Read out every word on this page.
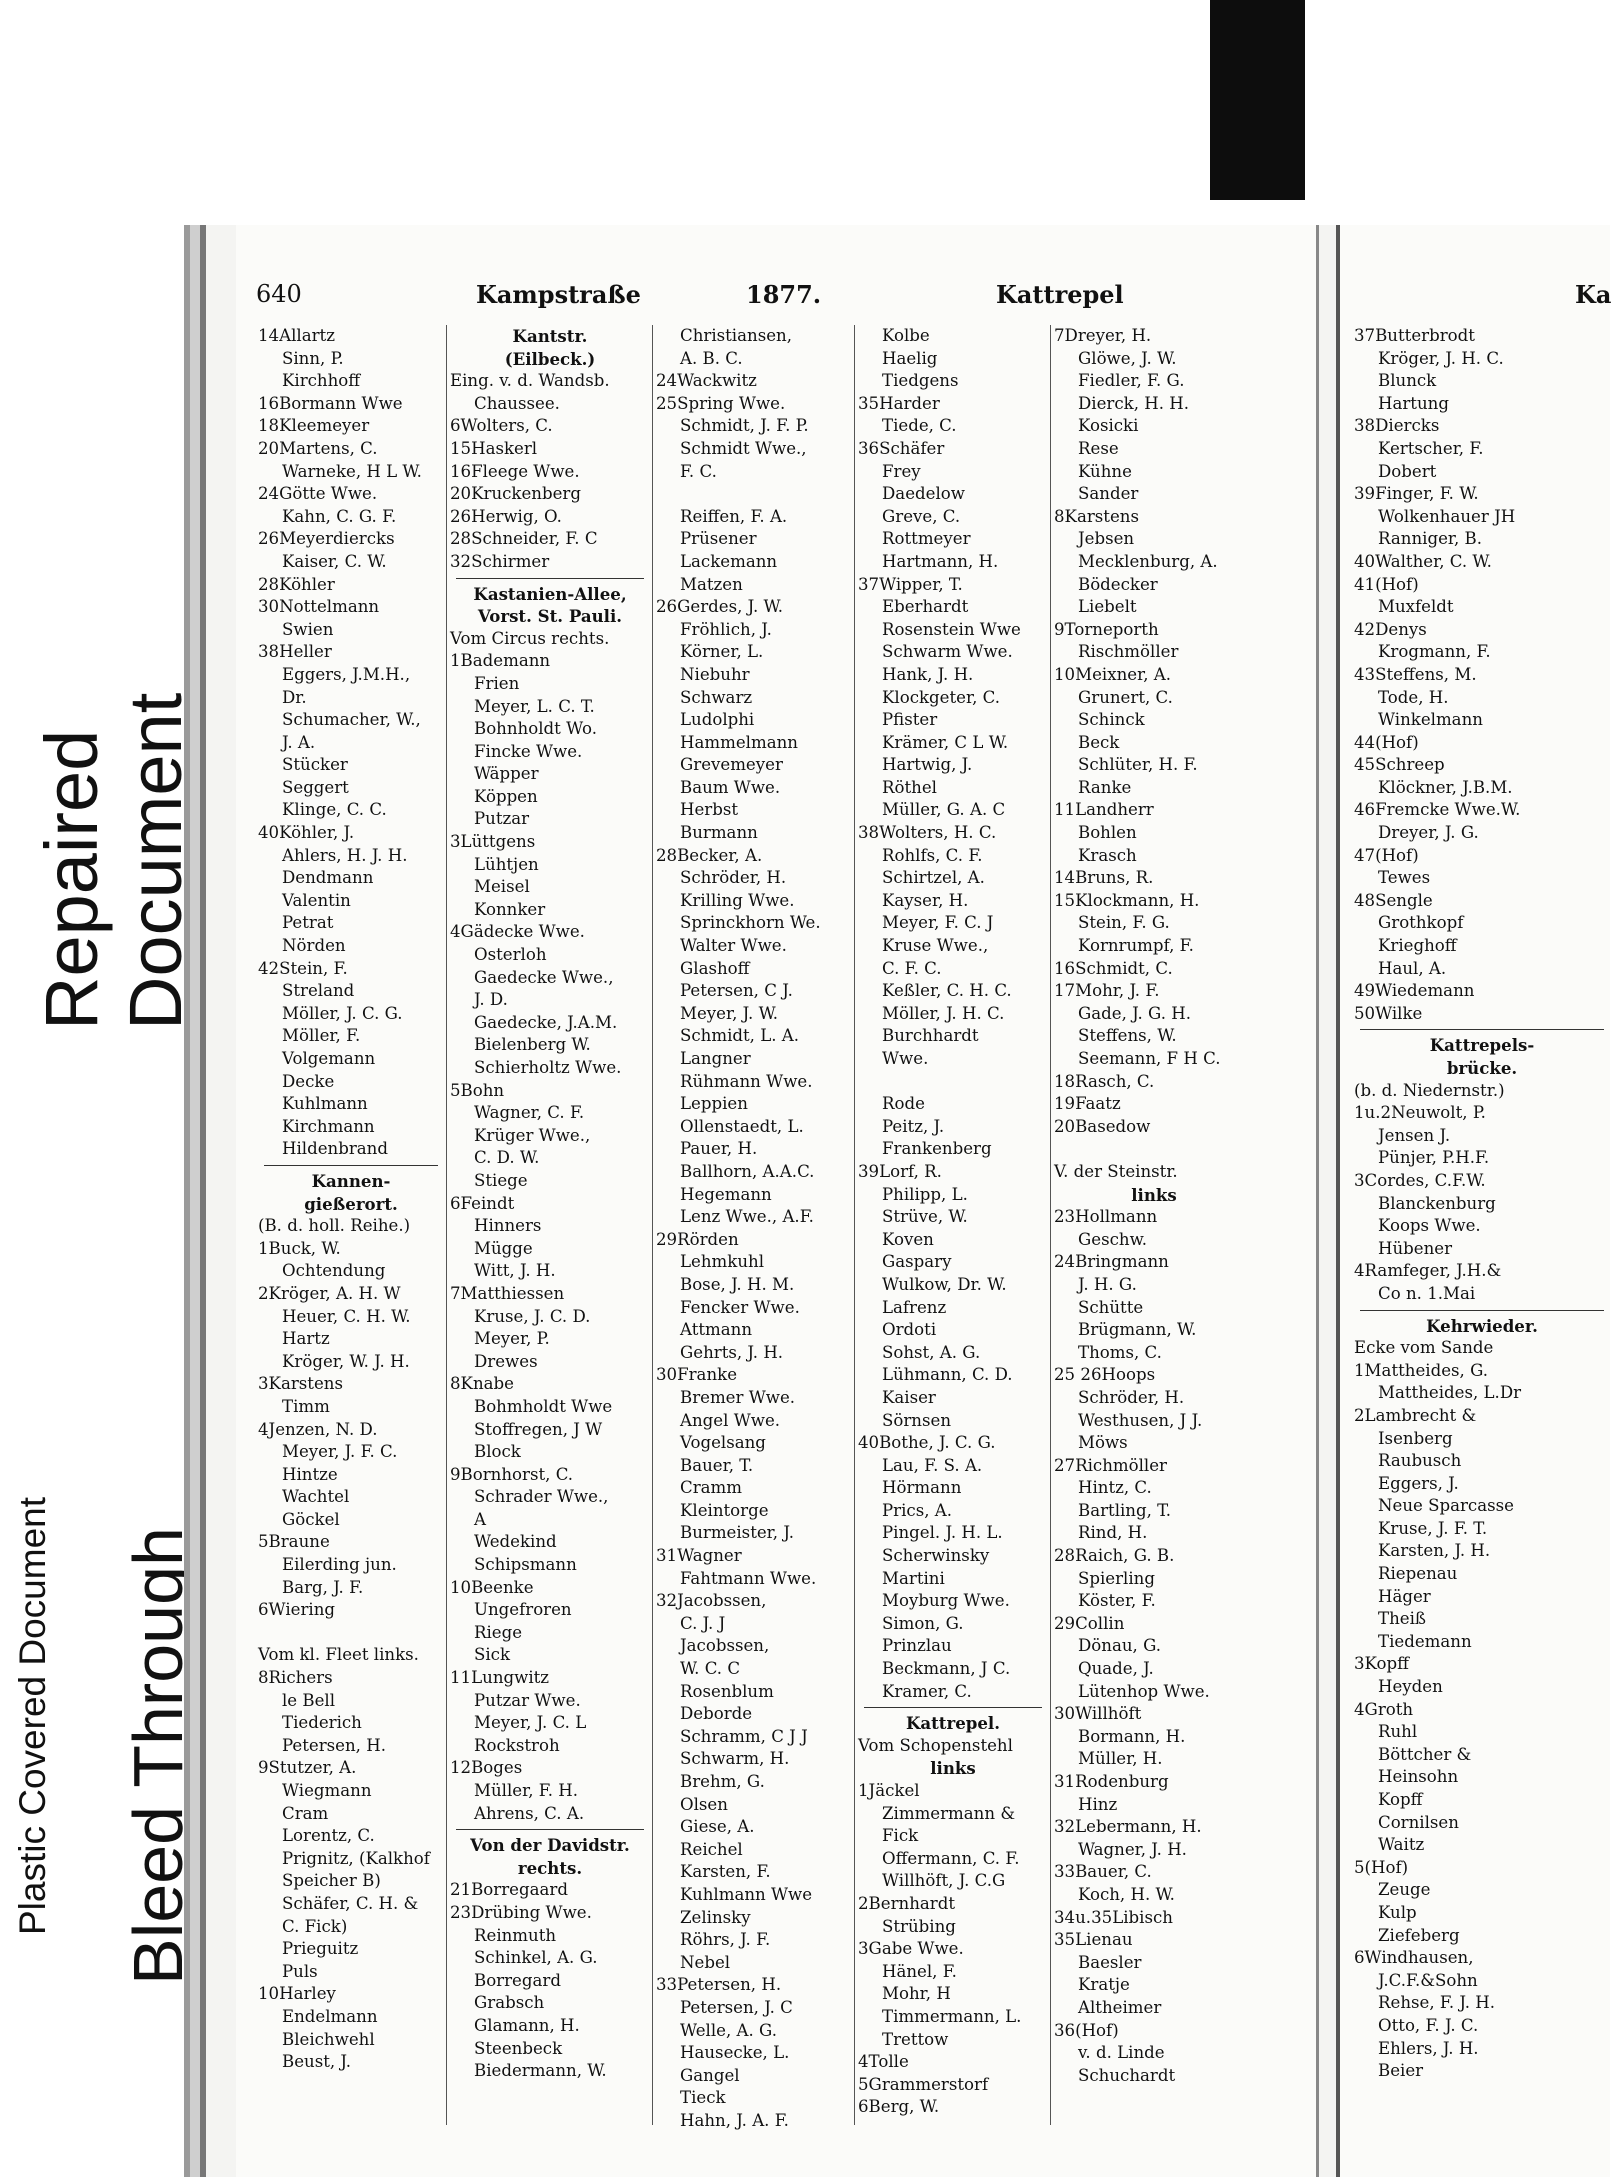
Repaired Document
Plastic Covered Document Bleed Through
640	Kampstraße	1877.	Kattrepel
14Allartz
Sinn, P.
Kirchhoff
16Bormann Wwe
18Kleemeyer
20Martens, C.
Warneke, H L W.
24Götte Wwe.
Kahn, C. G. F.
26Meyerdiercks
Kaiser, C. W.
28Köhler
30Nottelmann
Swien
38Heller
Eggers, J.M.H.,
Dr.
Schumacher, W.,
J. A.
Stücker
Seggert
Klinge, C. C.
40Köhler, J.
Ahlers, H. J. H.
Dendmann
Valentin
Petrat
Nörden
42Stein, F.
Streland
Möller, J. C. G.
Möller, F.
Volgemann
Decke
Kuhlmann
Kirchmann
Hildenbrand
Kannen-
gießerort.
(B. d. holl. Reihe.)
1Buck, W.
Ochtendung
2Kröger, A. H. W
Heuer, C. H. W.
Hartz
Kröger, W. J. H.
3Karstens
Timm
4Jenzen, N. D.
Meyer, J. F. C.
Hintze
Wachtel
Göckel
5Braune
Eilerding jun.
Barg, J. F.
6Wiering
Vom kl. Fleet links.
8Richers
le Bell
Tiederich
Petersen, H.
9Stutzer, A.
Wiegmann
Cram
Lorentz, C.
Prignitz, (Kalkhof
Speicher B)
Schäfer, C. H. &
C. Fick)
Prieguitz
Puls
10Harley
Endelmann
Bleichwehl
Beust, J.
Kantstr.
(Eilbeck.)
Eing. v. d. Wandsb.
Chaussee.
6Wolters, C.
15Haskerl
16Fleege Wwe.
20Kruckenberg
26Herwig, O.
28Schneider, F. C
32Schirmer
Kastanien-Allee,
Vorst. St. Pauli.
Vom Circus rechts.
1Bademann
Frien
Meyer, L. C. T.
Bohnholdt Wo.
Fincke Wwe.
Wäpper
Köppen
Putzar
3Lüttgens
Lühtjen
Meisel
Konnker
4Gädecke Wwe.
Osterloh
Gaedecke Wwe.,
J. D.
Gaedecke, J.A.M.
Bielenberg W.
Schierholtz Wwe.
5Bohn
Wagner, C. F.
Krüger Wwe.,
C. D. W.
Stiege
6Feindt
Hinners
Mügge
Witt, J. H.
7Matthiessen
Kruse, J. C. D.
Meyer, P.
Drewes
8Knabe
Bohmholdt Wwe
Stoffregen, J W
Block
9Bornhorst, C.
Schrader Wwe.,
A
Wedekind
Schipsmann
10Beenke
Ungefroren
Riege
Sick
11Lungwitz
Putzar Wwe.
Meyer, J. C. L
Rockstroh
12Boges
Müller, F. H.
Ahrens, C. A.
Von der Davidstr.
rechts.
21Borregaard
23Drübing Wwe.
Reinmuth
Schinkel, A. G.
Borregard
Grabsch
Glamann, H.
Steenbeck
Biedermann, W.
Christiansen,
A. B. C.
24Wackwitz
25Spring Wwe.
Schmidt, J. F. P.
Schmidt Wwe.,
F. C.
Reiffen, F. A.
Prüsener
Lackemann
Matzen
26Gerdes, J. W.
Fröhlich, J.
Körner, L.
Niebuhr
Schwarz
Ludolphi
Hammelmann
Grevemeyer
Baum Wwe.
Herbst
Burmann
28Becker, A.
Schröder, H.
Krilling Wwe.
Sprinckhorn We.
Walter Wwe.
Glashoff
Petersen, C J.
Meyer, J. W.
Schmidt, L. A.
Langner
Rühmann Wwe.
Leppien
Ollenstaedt, L.
Pauer, H.
Ballhorn, A.A.C.
Hegemann
Lenz Wwe., A.F.
29Rörden
Lehmkuhl
Bose, J. H. M.
Fencker Wwe.
Attmann
Gehrts, J. H.
30Franke
Bremer Wwe.
Angel Wwe.
Vogelsang
Bauer, T.
Cramm
Kleintorge
Burmeister, J.
31Wagner
Fahtmann Wwe.
32Jacobssen,
C. J. J
Jacobssen,
W. C. C
Rosenblum
Deborde
Schramm, C J J
Schwarm, H.
Brehm, G.
Olsen
Giese, A.
Reichel
Karsten, F.
Kuhlmann Wwe
Zelinsky
Röhrs, J. F.
Nebel
33Petersen, H.
Petersen, J. C
Welle, A. G.
Hausecke, L.
Gangel
Tieck
Hahn, J. A. F.
Kolbe
Haelig
Tiedgens
35Harder
Tiede, C.
36Schäfer
Frey
Daedelow
Greve, C.
Rottmeyer
Hartmann, H.
37Wipper, T.
Eberhardt
Rosenstein Wwe
Schwarm Wwe.
Hank, J. H.
Klockgeter, C.
Pfister
Krämer, C L W.
Hartwig, J.
Röthel
Müller, G. A. C
38Wolters, H. C.
Rohlfs, C. F.
Schirtzel, A.
Kayser, H.
Meyer, F. C. J
Kruse Wwe.,
C. F. C.
Keßler, C. H. C.
Möller, J. H. C.
Burchhardt
Wwe.
Rode
Peitz, J.
Frankenberg
39Lorf, R.
Philipp, L.
Strüve, W.
Koven
Gaspary
Wulkow, Dr. W.
Lafrenz
Ordoti
Sohst, A. G.
Lühmann, C. D.
Kaiser
Sörnsen
40Bothe, J. C. G.
Lau, F. S. A.
Hörmann
Prics, A.
Pingel. J. H. L.
Scherwinsky
Martini
Moyburg Wwe.
Simon, G.
Prinzlau
Beckmann, J C.
Kramer, C.
Kattrepel.
Vom Schopenstehl
links
1Jäckel
Zimmermann &
Fick
Offermann, C. F.
Willhöft, J. C.G
2Bernhardt
Strübing
3Gabe Wwe.
Hänel, F.
Mohr, H
Timmermann, L.
Trettow
4Tolle
5Grammerstorf
6Berg, W.
7Dreyer, H.
Glöwe, J. W.
Fiedler, F. G.
Dierck, H. H.
Kosicki
Rese
Kühne
Sander
8Karstens
Jebsen
Mecklenburg, A.
Bödecker
Liebelt
9Torneporth
Rischmöller
10Meixner, A.
Grunert, C.
Schinck
Beck
Schlüter, H. F.
Ranke
11Landherr
Bohlen
Krasch
14Bruns, R.
15Klockmann, H.
Stein, F. G.
Kornrumpf, F.
16Schmidt, C.
17Mohr, J. F.
Gade, J. G. H.
Steffens, W.
Seemann, F H C.
18Rasch, C.
19Faatz
20Basedow
V. der Steinstr.
links
23Hollmann
Geschw.
24Bringmann
J. H. G.
Schütte
Brügmann, W.
Thoms, C.
25 26Hoops
Schröder, H.
Westhusen, J J.
Möws
27Richmöller
Hintz, C.
Bartling, T.
Rind, H.
28Raich, G. B.
Spierling
Köster, F.
29Collin
Dönau, G.
Quade, J.
Lütenhop Wwe.
30Willhöft
Bormann, H.
Müller, H.
31Rodenburg
Hinz
32Lebermann, H.
Wagner, J. H.
33Bauer, C.
Koch, H. W.
34u.35Libisch
35Lienau
Baesler
Kratje
Altheimer
36(Hof)
v. d. Linde
Schuchardt
Ka
37Butterbrodt
Kröger, J. H. C.
Blunck
Hartung
38Diercks
Kertscher, F.
Dobert
39Finger, F. W.
Wolkenhauer JH
Ranniger, B.
40Walther, C. W.
41(Hof)
Muxfeldt
42Denys
Krogmann, F.
43Steffens, M.
Tode, H.
Winkelmann
44(Hof)
45Schreep
Klöckner, J.B.M.
46Fremcke Wwe.W.
Dreyer, J. G.
47(Hof)
Tewes
48Sengle
Grothkopf
Krieghoff
Haul, A.
49Wiedemann
50Wilke
Kattrepels-
brücke.
(b. d. Niedernstr.)
1u.2Neuwolt, P.
Jensen J.
Pünjer, P.H.F.
3Cordes, C.F.W.
Blanckenburg
Koops Wwe.
Hübener
4Ramfeger, J.H.&
Co n. 1.Mai
Kehrwieder.
Ecke vom Sande
1Mattheides, G.
Mattheides, L.Dr
2Lambrecht &
Isenberg
Raubusch
Eggers, J.
Neue Sparcasse
Kruse, J. F. T.
Karsten, J. H.
Riepenau
Häger
Theiß
Tiedemann
3Kopff
Heyden
4Groth
Ruhl
Böttcher &
Heinsohn
Kopff
Cornilsen
Waitz
5(Hof)
Zeuge
Kulp
Ziefeberg
6Windhausen,
J.C.F.&Sohn
Rehse, F. J. H.
Otto, F. J. C.
Ehlers, J. H.
Beier
